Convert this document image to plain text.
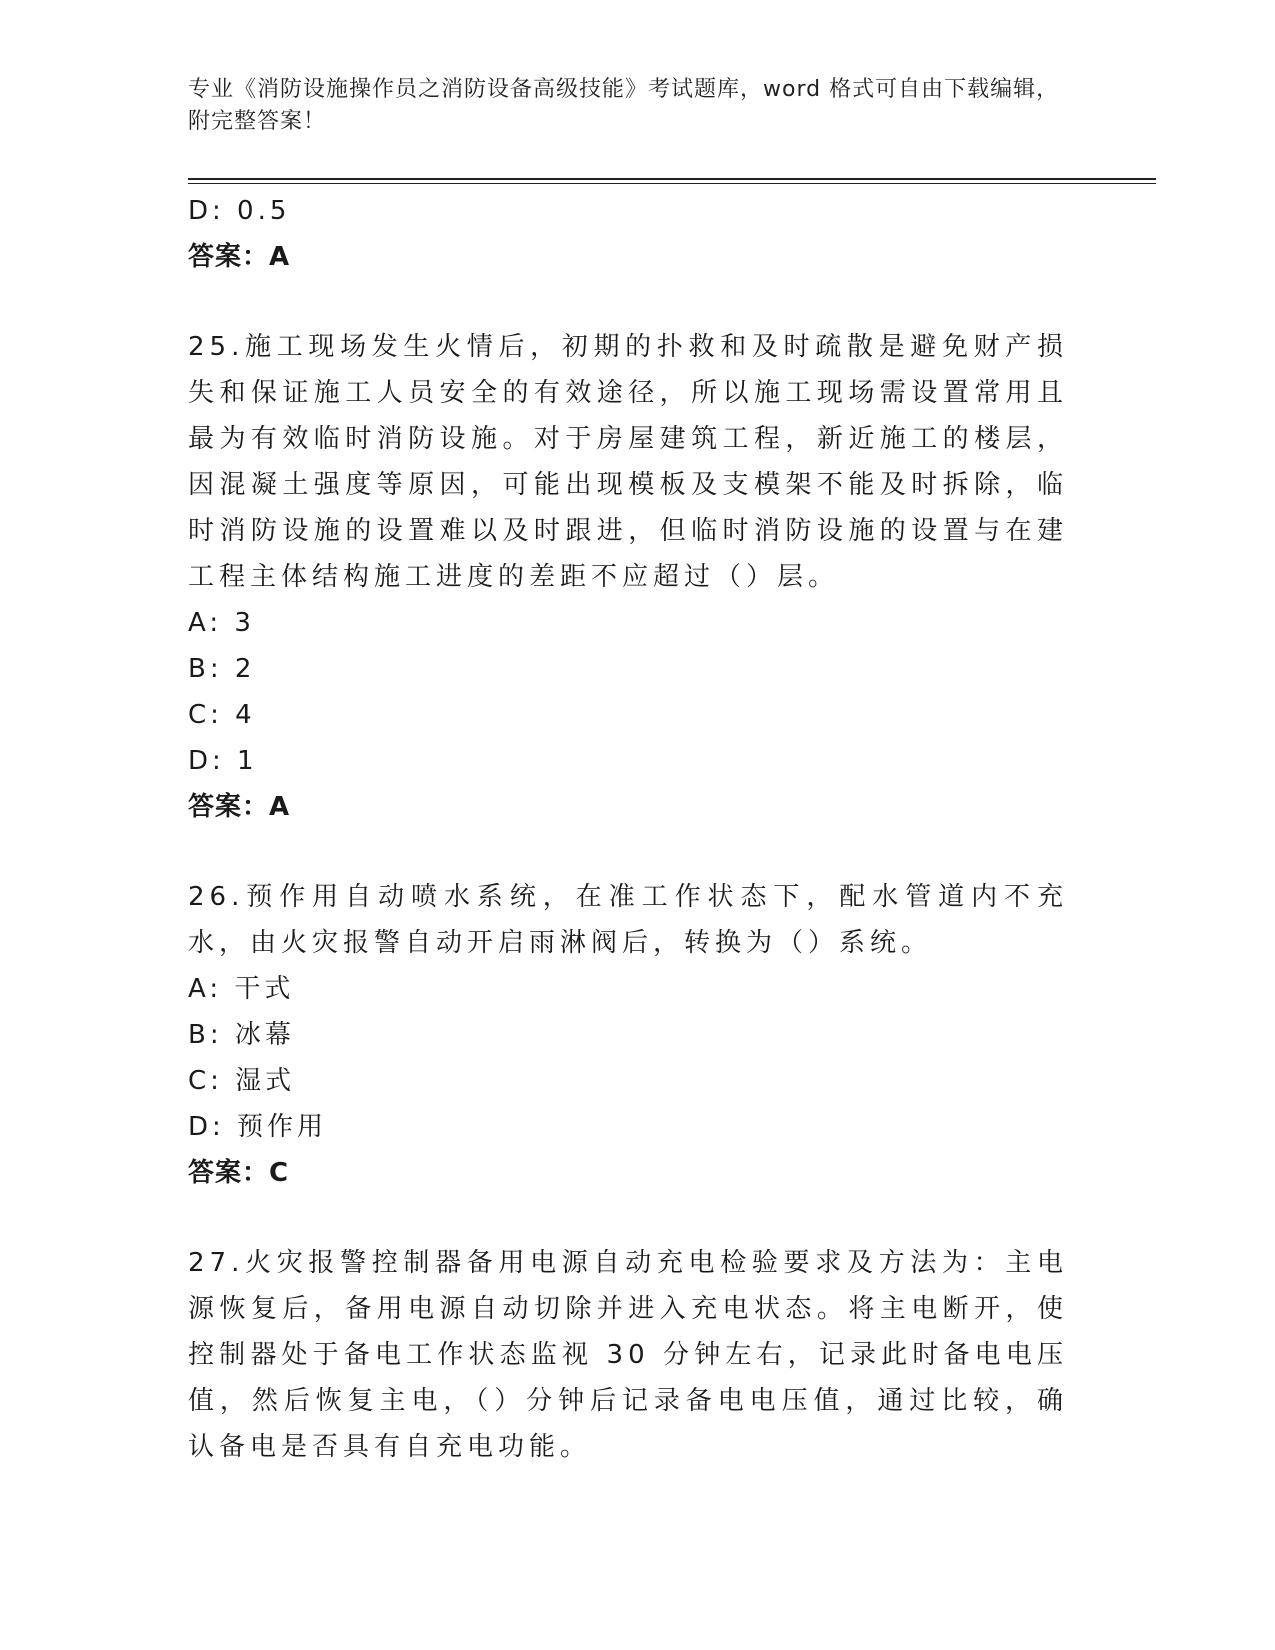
专业《消防设施操作员之消防设备高级技能》考试题库，word 格式可自由下载编辑，附完整答案！

D: 0.5

答案：A

25.施工现场发生火情后，初期的扑救和及时疏散是避免财产损失和保证施工人员安全的有效途径，所以施工现场需设置常用且最为有效临时消防设施。对于房屋建筑工程，新近施工的楼层，因混凝土强度等原因，可能出现模板及支模架不能及时拆除，临时消防设施的设置难以及时跟进，但临时消防设施的设置与在建工程主体结构施工进度的差距不应超过（）层。

A: 3

B: 2

C: 4

D: 1

答案：A

26.预作用自动喷水系统，在准工作状态下，配水管道内不充水，由火灾报警自动开启雨淋阀后，转换为（）系统。

A: 干式

B: 冰幕

C: 湿式

D: 预作用

答案：C

27.火灾报警控制器备用电源自动充电检验要求及方法为：主电源恢复后，备用电源自动切除并进入充电状态。将主电断开，使控制器处于备电工作状态监视 30 分钟左右，记录此时备电电压值，然后恢复主电，（）分钟后记录备电电压值，通过比较，确认备电是否具有自充电功能。
